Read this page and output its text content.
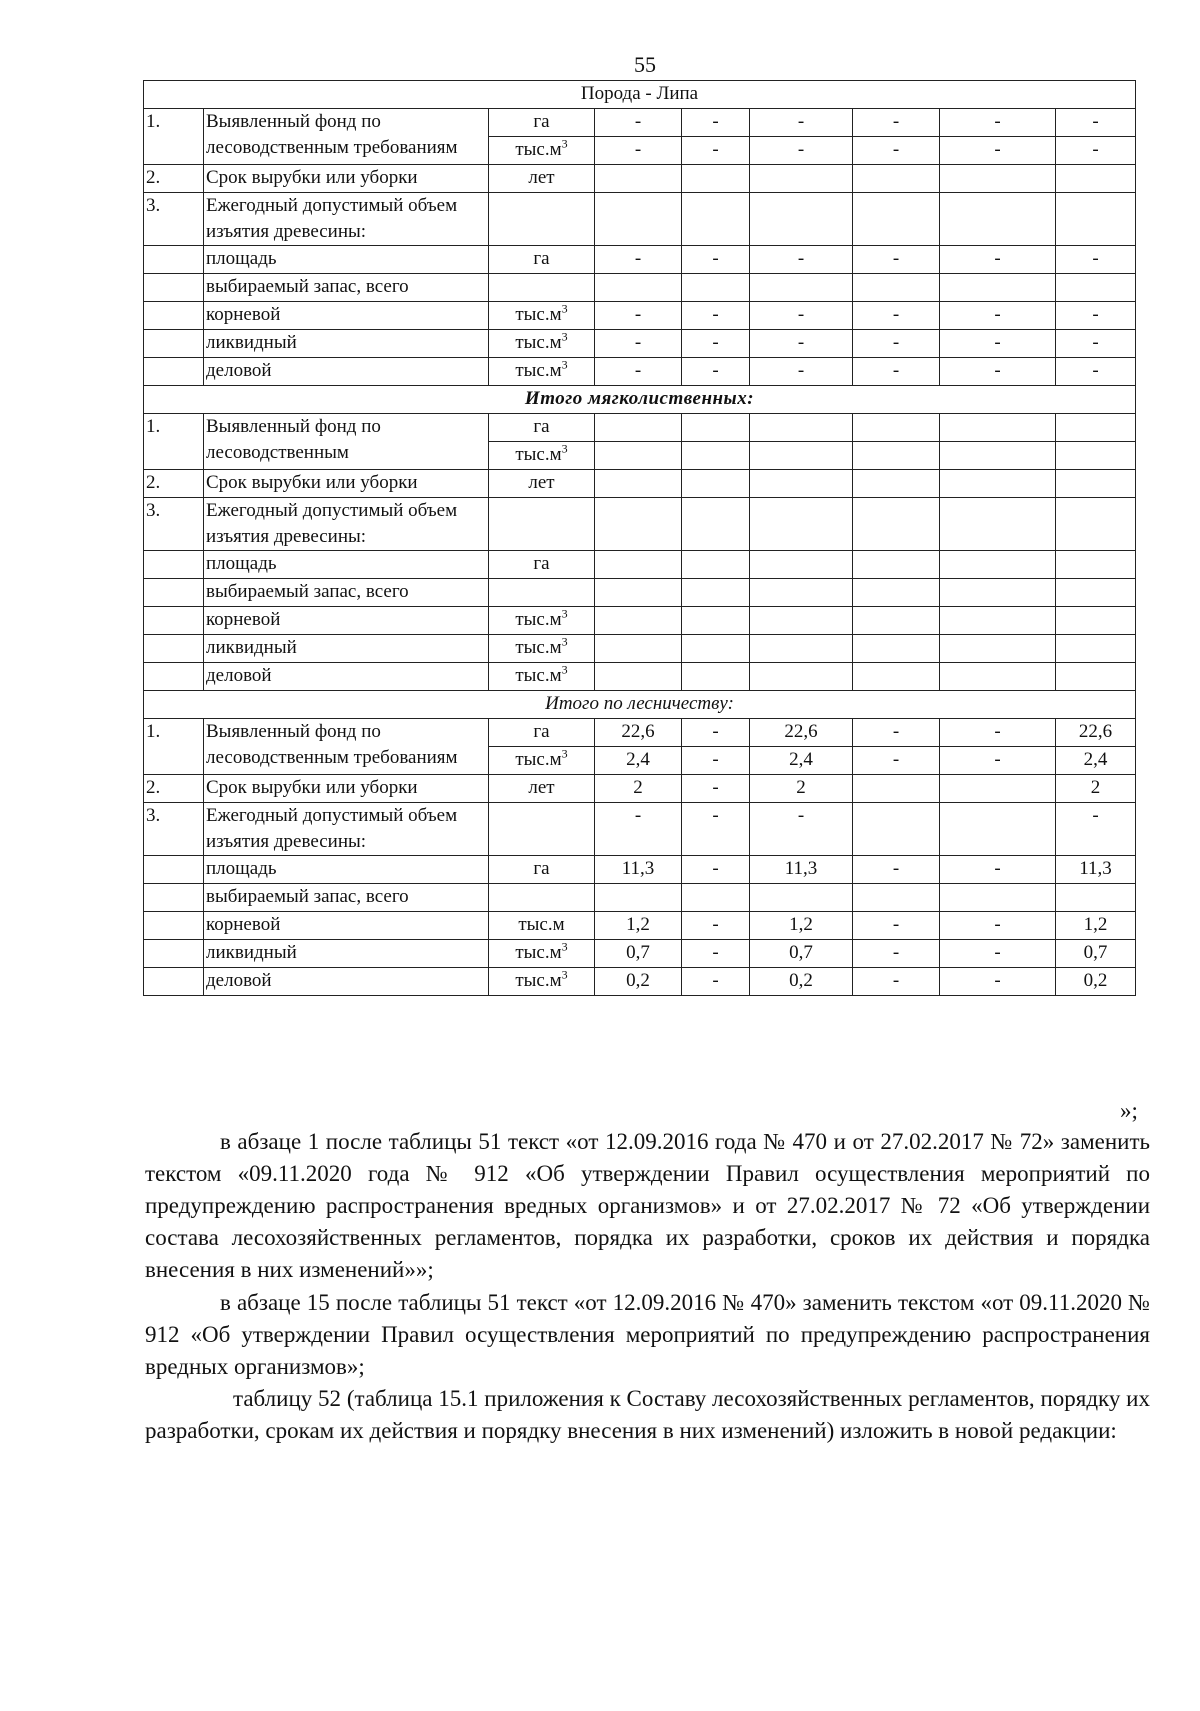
55
Порода - Липа								
1.	Выявленный фонд по лесоводственным требованиям	га	-	-	-	-	-	-
		$тыс.м^3$	-	-	-	-	-	-
2.	Срок вырубки или уборки	лет						
3.	Ежегодный допустимый объем изъятия древесины:							
	площадь	га	-	-	-	-	-	-
	выбираемый запас, всего							
	корневой	$тыс.м^3$	-	-	-	-	-	-
	ликвидный	$тыс.м^3$	-	-	-	-	-	-
	деловой	$тыс.м^3$	-	-	-	-	-	-
Итого мягколиственных:								
1.	Выявленный фонд по лесоводственным	га						
		$тыс.м^3$						
2.	Срок вырубки или уборки	лет						
3.	Ежегодный допустимый объем изъятия древесины:							
	площадь	га						
	выбираемый запас, всего							
	корневой	$тыс.м^3$						
	ликвидный	$тыс.м^3$						
	деловой	$тыс.м^3$						
Итого по лесничеству:								
1.	Выявленный фонд по лесоводственным требованиям	га	22,6	-	22,6	-	-	22,6
		$тыс.м^3$	2,4	-	2,4	-	-	2,4
2.	Срок вырубки или уборки	лет	2	-	2			2
3.	Ежегодный допустимый объем изъятия древесины:		-	-	-			-
	площадь	га	11,3	-	11,3	-	-	11,3
	выбираемый запас, всего							
	корневой	тыс.м	1,2	-	1,2	-	-	1,2
	ликвидный	$тыс.м^3$	0,7	-	0,7	-	-	0,7
	деловой	$тыс.м^3$	0,2	-	0,2	-	-	0,2
»;
в абзаце 1 после таблицы 51 текст «от 12.09.2016 года № 470 и от 27.02.2017 № 72» заменить текстом «09.11.2020 года № 912 «Об утверждении Правил осуществления мероприятий по предупреждению распространения вредных организмов» и от 27.02.2017 № 72 «Об утверждении состава лесохозяйственных регламентов, порядка их разработки, сроков их действия и порядка внесения в них изменений»»;
в абзаце 15 после таблицы 51 текст «от 12.09.2016 № 470» заменить текстом «от 09.11.2020 № 912 «Об утверждении Правил осуществления мероприятий по предупреждению распространения вредных организмов»;
таблицу 52 (таблица 15.1 приложения к Составу лесохозяйственных регламентов, порядку их разработки, срокам их действия и порядку внесения в них изменений) изложить в новой редакции:
